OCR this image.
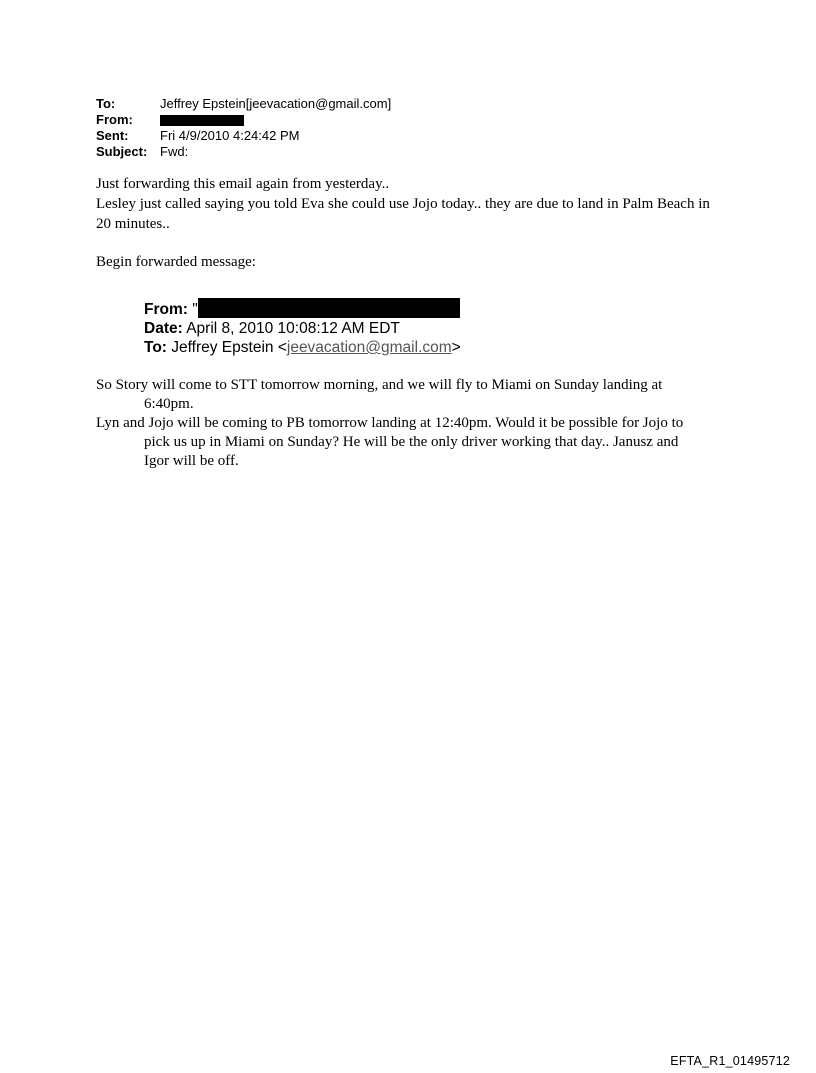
To:	Jeffrey Epstein[jeevacation@gmail.com]
From:
Sent: Fri 4/9/2010 4:24:42 PM
Subject: Fwd:

Just forwarding this email again from yesterday..

Lesley just called saying you told Eva she could use Jojo today.. they are due to land in Palm Beach in 20 minutes..

Begin forwarded message:

From: "
Date: April 8, 2010 10:08:12 AM EDT
To: Jeffrey Epstein <jeevacation@gmail.com>

So Story will come to STT tomorrow morning, and we will fly to Miami on Sunday landing at 6:40pm.

Lyn and Jojo will be coming to PB tomorrow landing at 12:40pm. Would it be possible for Jojo to pick us up in Miami on Sunday? He will be the only driver working that day.. Janusz and Igor will be off.

EFTA_R1_01495712
